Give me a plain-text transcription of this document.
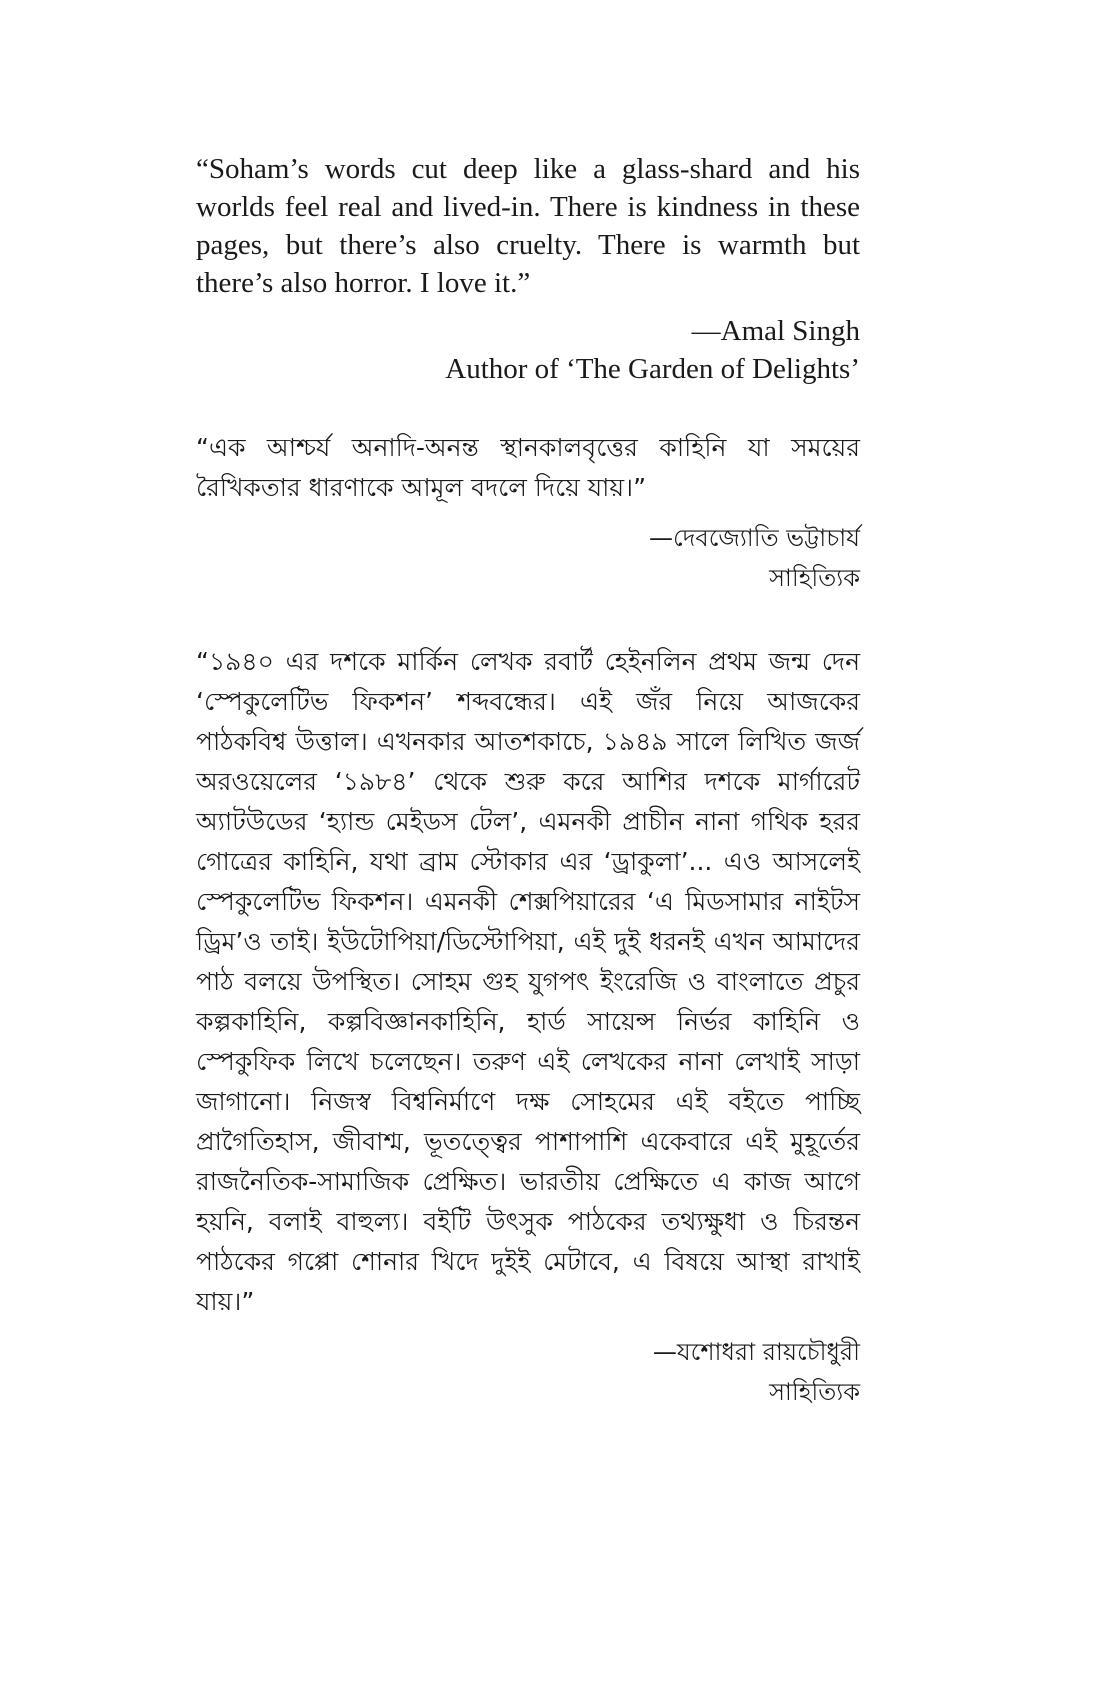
“Soham’s words cut deep like a glass-shard and his worlds feel real and lived-in. There is kindness in these pages, but there’s also cruelty. There is warmth but there’s also horror. I love it.”

—Amal Singh

Author of ‘The Garden of Delights’

“এক আশ্চর্য অনাদি-অনন্ত স্থানকালবৃত্তের কাহিনি যা সময়ের রৈখিকতার ধারণাকে আমূল বদলে দিয়ে যায়।”

—দেবজ্যোতি ভট্টাচার্য

সাহিত্যিক

“১৯৪০ এর দশকে মার্কিন লেখক রবার্ট হেইনলিন প্রথম জন্ম দেন ‘স্পেকুলেটিভ ফিকশন’ শব্দবন্ধের। এই জঁর নিয়ে আজকের পাঠকবিশ্ব উত্তাল। এখনকার আতশকাচে, ১৯৪৯ সালে লিখিত জর্জ অরওয়েলের ‘১৯৮৪’ থেকে শুরু করে আশির দশকে মার্গারেট অ্যাটউডের ‘হ্যান্ড মেইডস টেল’, এমনকী প্রাচীন নানা গথিক হরর গোত্রের কাহিনি, যথা ব্রাম স্টোকার এর ‘ড্রাকুলা’... এও আসলেই স্পেকুলেটিভ ফিকশন। এমনকী শেক্সপিয়ারের ‘এ মিডসামার নাইটস ড্রিম’ও তাই। ইউটোপিয়া/ডিস্টোপিয়া, এই দুই ধরনই এখন আমাদের পাঠ বলয়ে উপস্থিত। সোহম গুহ যুগপৎ ইংরেজি ও বাংলাতে প্রচুর কল্পকাহিনি, কল্পবিজ্ঞানকাহিনি, হার্ড সায়েন্স নির্ভর কাহিনি ও স্পেকুফিক লিখে চলেছেন। তরুণ এই লেখকের নানা লেখাই সাড়া জাগানো। নিজস্ব বিশ্বনির্মাণে দক্ষ সোহমের এই বইতে পাচ্ছি প্রাগৈতিহাস, জীবাশ্ম, ভূতত্ত্বের পাশাপাশি একেবারে এই মুহূর্তের রাজনৈতিক-সামাজিক প্রেক্ষিত। ভারতীয় প্রেক্ষিতে এ কাজ আগে হয়নি, বলাই বাহুল্য। বইটি উৎসুক পাঠকের তথ্যক্ষুধা ও চিরন্তন পাঠকের গপ্পো শোনার খিদে দুইই মেটাবে, এ বিষয়ে আস্থা রাখাই যায়।”

—যশোধরা রায়চৌধুরী

সাহিত্যিক
